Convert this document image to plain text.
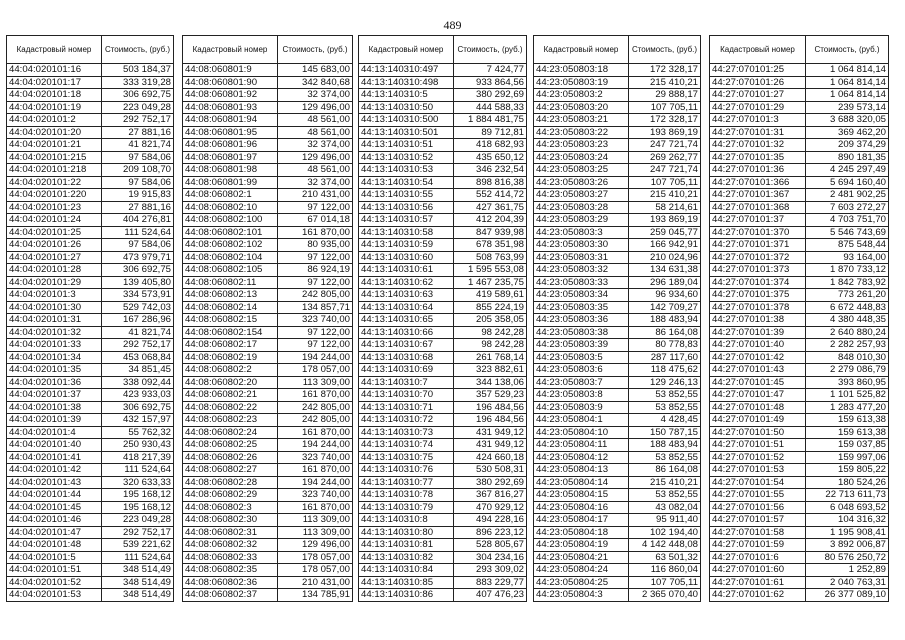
489
Кадастровый номер	Стоимость, (руб.)
44:04:020101:16	503 184,37
44:04:020101:17	333 319,28
44:04:020101:18	306 692,75
44:04:020101:19	223 049,28
44:04:020101:2	292 752,17
44:04:020101:20	27 881,16
44:04:020101:21	41 821,74
44:04:020101:215	97 584,06
44:04:020101:218	209 108,70
44:04:020101:22	97 584,06
44:04:020101:220	19 915,83
44:04:020101:23	27 881,16
44:04:020101:24	404 276,81
44:04:020101:25	111 524,64
44:04:020101:26	97 584,06
44:04:020101:27	473 979,71
44:04:020101:28	306 692,75
44:04:020101:29	139 405,80
44:04:020101:3	334 573,91
44:04:020101:30	529 742,03
44:04:020101:31	167 286,96
44:04:020101:32	41 821,74
44:04:020101:33	292 752,17
44:04:020101:34	453 068,84
44:04:020101:35	34 851,45
44:04:020101:36	338 092,44
44:04:020101:37	423 933,03
44:04:020101:38	306 692,75
44:04:020101:39	432 157,97
44:04:020101:4	55 762,32
44:04:020101:40	250 930,43
44:04:020101:41	418 217,39
44:04:020101:42	111 524,64
44:04:020101:43	320 633,33
44:04:020101:44	195 168,12
44:04:020101:45	195 168,12
44:04:020101:46	223 049,28
44:04:020101:47	292 752,17
44:04:020101:48	539 221,62
44:04:020101:5	111 524,64
44:04:020101:51	348 514,49
44:04:020101:52	348 514,49
44:04:020101:53	348 514,49
Кадастровый номер	Стоимость, (руб.)
44:08:060801:9	145 683,00
44:08:060801:90	342 840,68
44:08:060801:92	32 374,00
44:08:060801:93	129 496,00
44:08:060801:94	48 561,00
44:08:060801:95	48 561,00
44:08:060801:96	32 374,00
44:08:060801:97	129 496,00
44:08:060801:98	48 561,00
44:08:060801:99	32 374,00
44:08:060802:1	210 431,00
44:08:060802:10	97 122,00
44:08:060802:100	67 014,18
44:08:060802:101	161 870,00
44:08:060802:102	80 935,00
44:08:060802:104	97 122,00
44:08:060802:105	86 924,19
44:08:060802:11	97 122,00
44:08:060802:13	242 805,00
44:08:060802:14	134 857,71
44:08:060802:15	323 740,00
44:08:060802:154	97 122,00
44:08:060802:17	97 122,00
44:08:060802:19	194 244,00
44:08:060802:2	178 057,00
44:08:060802:20	113 309,00
44:08:060802:21	161 870,00
44:08:060802:22	242 805,00
44:08:060802:23	242 805,00
44:08:060802:24	161 870,00
44:08:060802:25	194 244,00
44:08:060802:26	323 740,00
44:08:060802:27	161 870,00
44:08:060802:28	194 244,00
44:08:060802:29	323 740,00
44:08:060802:3	161 870,00
44:08:060802:30	113 309,00
44:08:060802:31	113 309,00
44:08:060802:32	129 496,00
44:08:060802:33	178 057,00
44:08:060802:35	178 057,00
44:08:060802:36	210 431,00
44:08:060802:37	134 785,91
Кадастровый номер	Стоимость, (руб.)
44:13:140310:497	7 424,77
44:13:140310:498	933 864,56
44:13:140310:5	380 292,69
44:13:140310:50	444 588,33
44:13:140310:500	1 884 481,75
44:13:140310:501	89 712,81
44:13:140310:51	418 682,93
44:13:140310:52	435 650,12
44:13:140310:53	346 232,54
44:13:140310:54	898 816,38
44:13:140310:55	552 414,72
44:13:140310:56	427 361,75
44:13:140310:57	412 204,39
44:13:140310:58	847 939,98
44:13:140310:59	678 351,98
44:13:140310:60	508 763,99
44:13:140310:61	1 595 553,08
44:13:140310:62	1 467 235,75
44:13:140310:63	419 589,61
44:13:140310:64	855 224,19
44:13:140310:65	205 358,05
44:13:140310:66	98 242,28
44:13:140310:67	98 242,28
44:13:140310:68	261 768,14
44:13:140310:69	323 882,61
44:13:140310:7	344 138,06
44:13:140310:70	357 529,23
44:13:140310:71	196 484,56
44:13:140310:72	196 484,56
44:13:140310:73	431 949,12
44:13:140310:74	431 949,12
44:13:140310:75	424 660,18
44:13:140310:76	530 508,31
44:13:140310:77	380 292,69
44:13:140310:78	367 816,27
44:13:140310:79	470 929,12
44:13:140310:8	494 228,16
44:13:140310:80	896 223,12
44:13:140310:81	528 805,67
44:13:140310:82	304 234,16
44:13:140310:84	293 309,02
44:13:140310:85	883 229,77
44:13:140310:86	407 476,23
Кадастровый номер	Стоимость, (руб.)
44:23:050803:18	172 328,17
44:23:050803:19	215 410,21
44:23:050803:2	29 888,17
44:23:050803:20	107 705,11
44:23:050803:21	172 328,17
44:23:050803:22	193 869,19
44:23:050803:23	247 721,74
44:23:050803:24	269 262,77
44:23:050803:25	247 721,74
44:23:050803:26	107 705,11
44:23:050803:27	215 410,21
44:23:050803:28	58 214,61
44:23:050803:29	193 869,19
44:23:050803:3	259 045,77
44:23:050803:30	166 942,91
44:23:050803:31	210 024,96
44:23:050803:32	134 631,38
44:23:050803:33	296 189,04
44:23:050803:34	96 934,60
44:23:050803:35	142 709,27
44:23:050803:36	188 483,94
44:23:050803:38	86 164,08
44:23:050803:39	80 778,83
44:23:050803:5	287 117,60
44:23:050803:6	118 475,62
44:23:050803:7	129 246,13
44:23:050803:8	53 852,55
44:23:050803:9	53 852,55
44:23:050804:1	4 428,45
44:23:050804:10	150 787,15
44:23:050804:11	188 483,94
44:23:050804:12	53 852,55
44:23:050804:13	86 164,08
44:23:050804:14	215 410,21
44:23:050804:15	53 852,55
44:23:050804:16	43 082,04
44:23:050804:17	95 911,40
44:23:050804:18	102 194,40
44:23:050804:19	4 142 448,08
44:23:050804:21	63 501,32
44:23:050804:24	116 860,04
44:23:050804:25	107 705,11
44:23:050804:3	2 365 070,40
Кадастровый номер	Стоимость, (руб.)
44:27:070101:25	1 064 814,14
44:27:070101:26	1 064 814,14
44:27:070101:27	1 064 814,14
44:27:070101:29	239 573,14
44:27:070101:3	3 688 320,05
44:27:070101:31	369 462,20
44:27:070101:32	209 374,29
44:27:070101:35	890 181,35
44:27:070101:36	4 245 297,49
44:27:070101:366	5 694 160,40
44:27:070101:367	2 481 902,25
44:27:070101:368	7 603 272,27
44:27:070101:37	4 703 751,70
44:27:070101:370	5 546 743,69
44:27:070101:371	875 548,44
44:27:070101:372	93 164,00
44:27:070101:373	1 870 733,12
44:27:070101:374	1 842 783,92
44:27:070101:375	773 261,20
44:27:070101:378	6 672 448,83
44:27:070101:38	4 380 448,35
44:27:070101:39	2 640 880,24
44:27:070101:40	2 282 257,93
44:27:070101:42	848 010,30
44:27:070101:43	2 279 086,79
44:27:070101:45	393 860,95
44:27:070101:47	1 101 525,82
44:27:070101:48	1 283 477,20
44:27:070101:49	159 613,38
44:27:070101:50	159 613,38
44:27:070101:51	159 037,85
44:27:070101:52	159 997,06
44:27:070101:53	159 805,22
44:27:070101:54	180 524,26
44:27:070101:55	22 713 611,73
44:27:070101:56	6 048 693,52
44:27:070101:57	104 316,32
44:27:070101:58	1 195 908,41
44:27:070101:59	3 892 006,87
44:27:070101:6	80 576 250,72
44:27:070101:60	1 252,89
44:27:070101:61	2 040 763,31
44:27:070101:62	26 377 089,10
